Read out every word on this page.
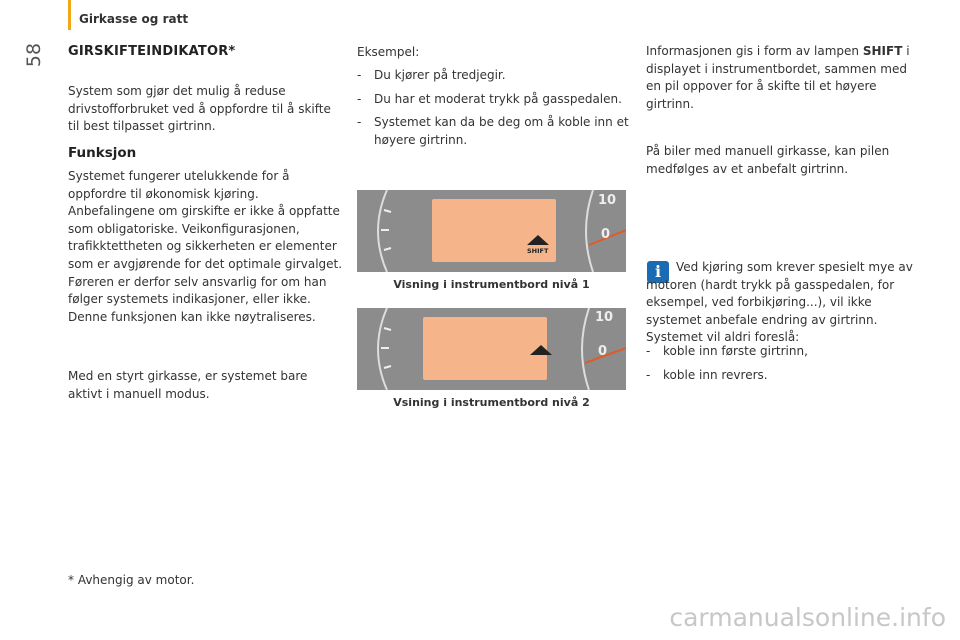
Girkasse og ratt
58 GIRSKIFTEINDIKATOR*

System som gjør det mulig å reduse drivstofforbruket ved å oppfordre til å skifte til best tilpasset girtrinn.

Funksjon

Systemet fungerer utelukkende for å oppfordre til økonomisk kjøring. Anbefalingene om girskifte er ikke å oppfatte som obligatoriske. Veikonfigurasjonen, trafikktettheten og sikkerheten er elementer som er avgjørende for det optimale girvalget. Føreren er derfor selv ansvarlig for om han følger systemets indikasjoner, eller ikke. Denne funksjonen kan ikke nøytraliseres.

Med en styrt girkasse, er systemet bare aktivt i manuell modus.

* Avhengig av motor.

Eksempel:

- Du kjører på tredjegir.
- Du har et moderat trykk på gasspedalen.
- Systemet kan da be deg om å koble inn et høyere girtrinn.
SHIFT
10
0
Visning i instrumentbord nivå 1
10
0
Vsining i instrumentbord nivå 2

Informasjonen gis i form av lampen SHIFT i displayet i instrumentbordet, sammen med en pil oppover for å skifte til et høyere girtrinn.

På biler med manuell girkasse, kan pilen medfølges av et anbefalt girtrinn.

i	Ved kjøring som krever spesielt mye av motoren (hardt trykk på gasspedalen, for eksempel, ved forbikjøring...), vil ikke systemet anbefale endring av girtrinn. Systemet vil aldri foreslå:

- koble inn første girtrinn,
- koble inn revrers.
carmanualsonline.info
